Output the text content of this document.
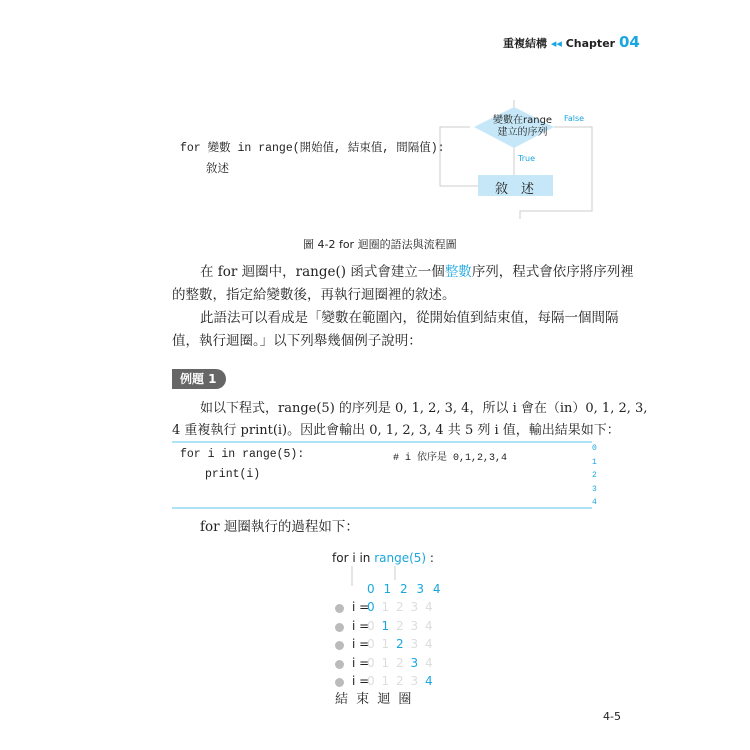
重複結構 ◂◂ Chapter 04
for 變數 in range(開始值, 結束值, 間隔值):
敘述
變數在range
建立的序列
False
True
敘　述
圖 4-2 for 迴圈的語法與流程圖
在 for 迴圈中，range() 函式會建立一個整數序列，程式會依序將序列裡
的整數，指定給變數後，再執行迴圈裡的敘述。
此語法可以看成是「變數在範圍內，從開始值到結束值，每隔一個間隔
值，執行迴圈。」以下列舉幾個例子說明：
例題 1
如以下程式，range(5) 的序列是 0, 1, 2, 3, 4，所以 i 會在（in）0, 1, 2, 3,
4 重複執行 print(i)。因此會輸出 0, 1, 2, 3, 4 共 5 列 i 值，輸出結果如下：
for i in range(5):
print(i)
# i 依序是 0,1,2,3,4
0
1
2
3
4
for 迴圈執行的過程如下：
for i in range(5) :
0 1 2 3 4
i =
0 1 2 3 4
i =
0 1 2 3 4
i =
0 1 2 3 4
i =
0 1 2 3 4
i =
0 1 2 3 4
結 束 迴 圈
4-5
